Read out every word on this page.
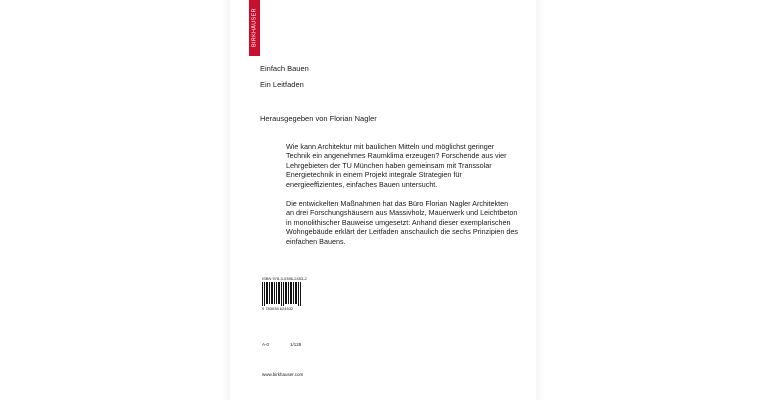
BIRKHÄUSER
Einfach Bauen
Ein Leitfaden
Herausgegeben von Florian Nagler
Wie kann Architektur mit baulichen Mitteln und möglichst geringer Technik ein angenehmes Raumklima erzeugen? Forschende aus vier Lehrgebieten der TU München haben gemeinsam mit Transsolar Energietechnik in einem Projekt integrale Strategien für energieeffizientes, einfaches Bauen untersucht.
Die entwickelten Maßnahmen hat das Büro Florian Nagler Architekten an drei Forschungshäusern aus Massivholz, Mauerwerk und Leichtbeton in monolithischer Bauweise umgesetzt: Anhand dieser exemplarischen Wohngebäude erklärt der Leitfaden anschaulich die sechs Prinzipien des einfachen Bauens.
ISBN 978-3-0356-2453-2
9 783035 624532
A-0	1/128
www.birkhauser.com
